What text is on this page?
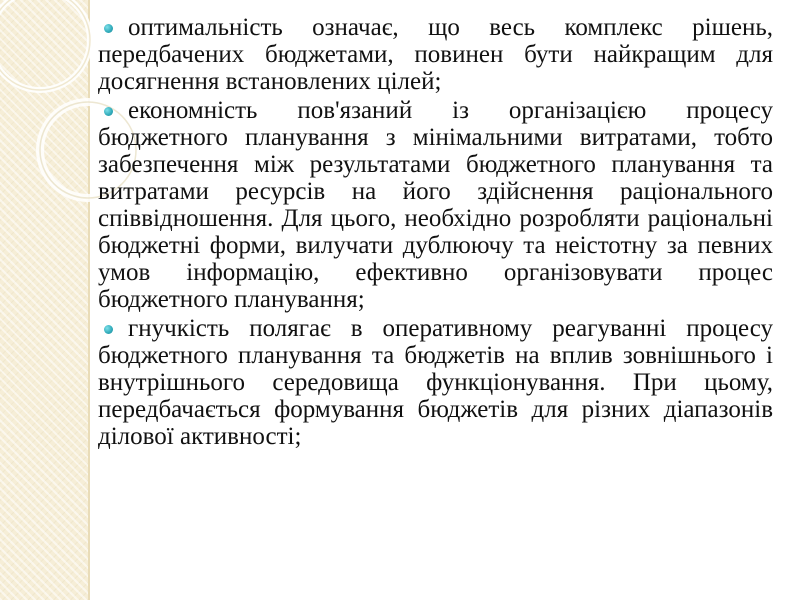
оптимальність означає, що весь комплекс рішень, передбачених бюджетами, повинен бути найкращим для досягнення встановлених цілей;
економність пов'язаний із організацією процесу бюджетного планування з мінімальними витратами, тобто забезпечення між результатами бюджетного планування та витратами ресурсів на його здійснення раціонального співвідношення. Для цього, необхідно розробляти раціональні бюджетні форми, вилучати дублюючу та неістотну за певних умов інформацію, ефективно організовувати процес бюджетного планування;
гнучкість полягає в оперативному реагуванні процесу бюджетного планування та бюджетів на вплив зовнішнього і внутрішнього середовища функціонування. При цьому, передбачається формування бюджетів для різних діапазонів ділової активності;
